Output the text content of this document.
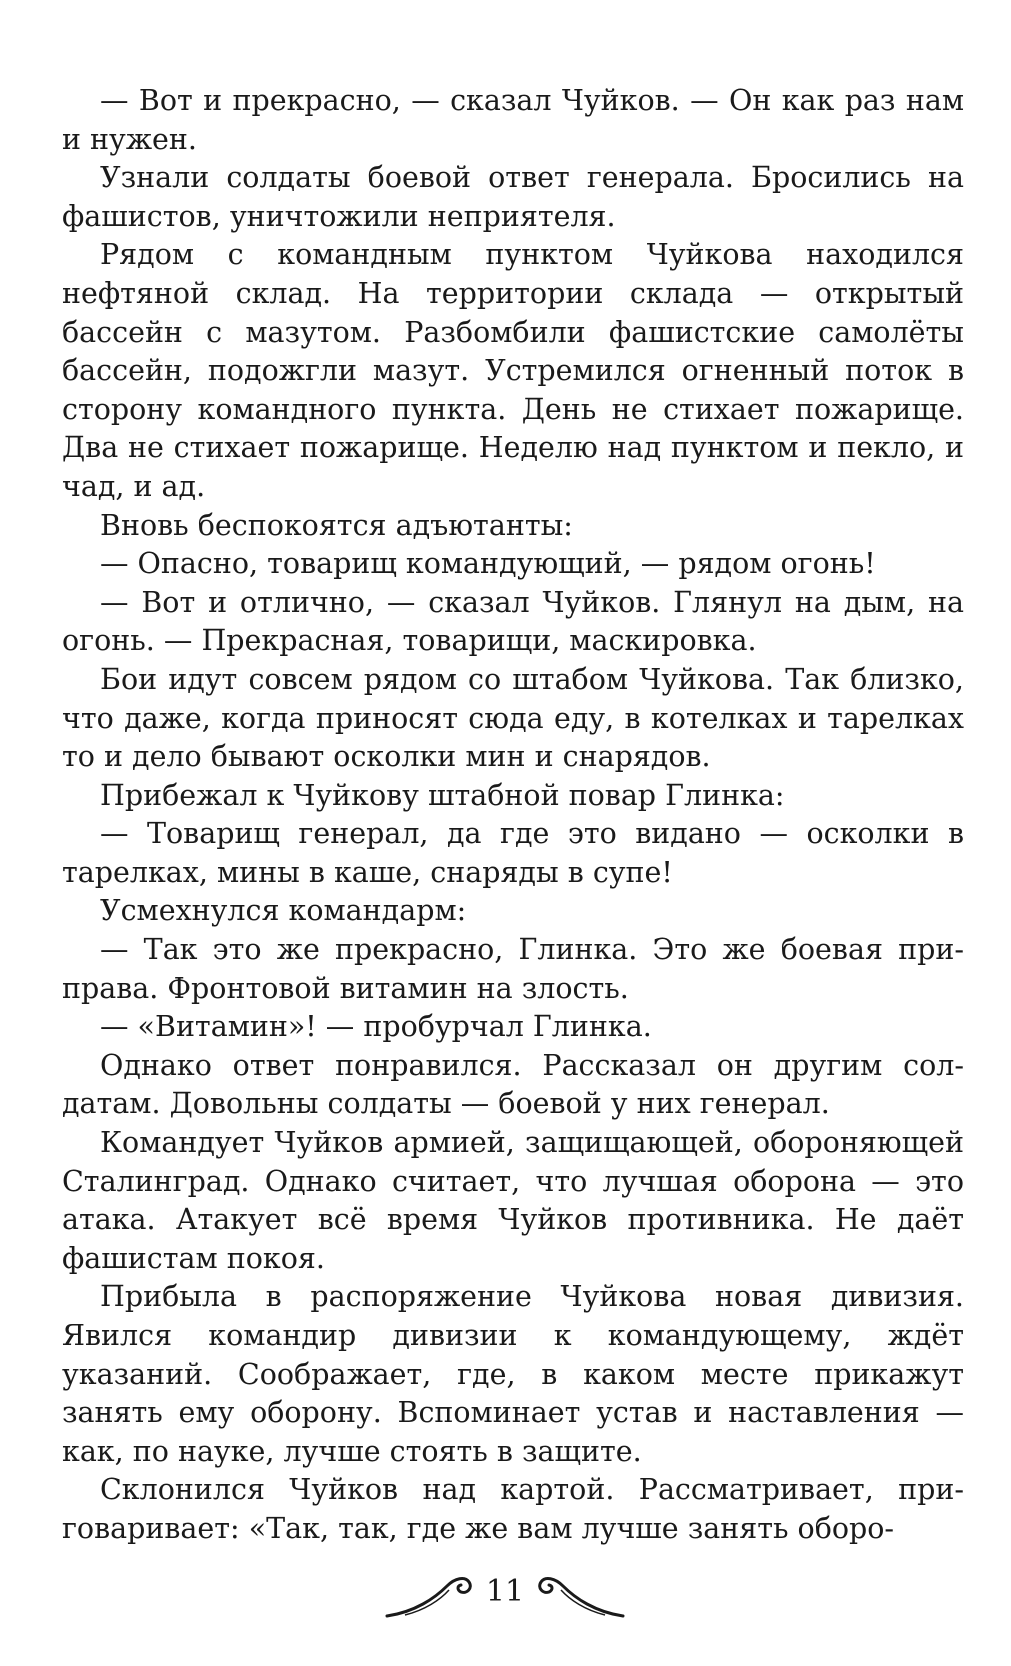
— Вот и прекрасно, — сказал Чуйков. — Он как раз нам и нужен.

Узнали солдаты боевой ответ генерала. Бросились на фашистов, уничтожили неприятеля.

Рядом с командным пунктом Чуйкова находился нефтяной склад. На территории склада — открытый бассейн с мазутом. Разбомбили фашистские самолёты бассейн, подожгли мазут. Устремился огненный поток в сторону командного пункта. День не стихает пожарище. Два не стихает пожарище. Неделю над пунктом и пекло, и чад, и ад.

Вновь беспокоятся адъютанты:

— Опасно, товарищ командующий, — рядом огонь!

— Вот и отлично, — сказал Чуйков. Глянул на дым, на огонь. — Прекрасная, товарищи, маскировка.

Бои идут совсем рядом со штабом Чуйкова. Так близко, что даже, когда приносят сюда еду, в котелках и тарелках то и дело бывают осколки мин и снарядов.

Прибежал к Чуйкову штабной повар Глинка:

— Товарищ генерал, да где это видано — осколки в тарелках, мины в каше, снаряды в супе!

Усмехнулся командарм:

— Так это же прекрасно, Глинка. Это же боевая приправа. Фронтовой витамин на злость.

— «Витамин»! — пробурчал Глинка.

Однако ответ понравился. Рассказал он другим солдатам. Довольны солдаты — боевой у них генерал.

Командует Чуйков армией, защищающей, обороняющей Сталинград. Однако считает, что лучшая оборона — это атака. Атакует всё время Чуйков противника. Не даёт фашистам покоя.

Прибыла в распоряжение Чуйкова новая дивизия. Явился командир дивизии к командующему, ждёт указаний. Соображает, где, в каком месте прикажут занять ему оборону. Вспоминает устав и наставления — как, по науке, лучше стоять в защите.

Склонился Чуйков над картой. Рассматривает, приговаривает: «Так, так, где же вам лучше занять оборо-

11
